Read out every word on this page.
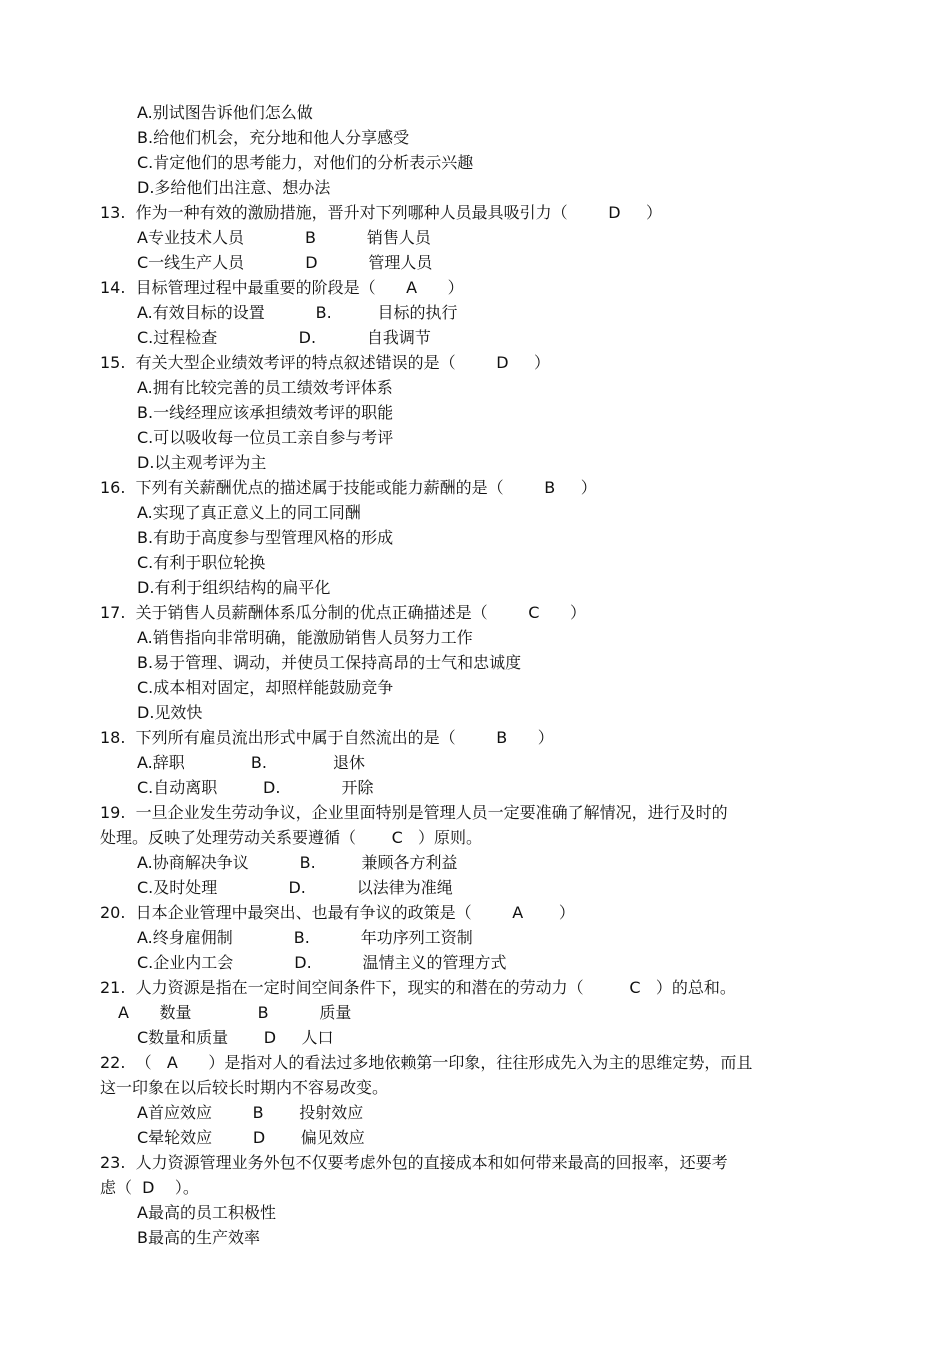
A.别试图告诉他们怎么做
B.给他们机会，充分地和他人分享感受
C.肯定他们的思考能力，对他们的分析表示兴趣
D.多给他们出注意、想办法
13.  作为一种有效的激励措施，晋升对下列哪种人员最具吸引力（        D     ）
A专业技术人员            B          销售人员
C一线生产人员            D          管理人员
14.  目标管理过程中最重要的阶段是（      A      ）
A.有效目标的设置          B.         目标的执行
C.过程检查                D.          自我调节
15.  有关大型企业绩效考评的特点叙述错误的是（        D     ）
A.拥有比较完善的员工绩效考评体系
B.一线经理应该承担绩效考评的职能
C.可以吸收每一位员工亲自参与考评
D.以主观考评为主
16.  下列有关薪酬优点的描述属于技能或能力薪酬的是（        B     ）
A.实现了真正意义上的同工同酬
B.有助于高度参与型管理风格的形成
C.有利于职位轮换
D.有利于组织结构的扁平化
17.  关于销售人员薪酬体系瓜分制的优点正确描述是（        C      ）
A.销售指向非常明确，能激励销售人员努力工作
B.易于管理、调动，并使员工保持高昂的士气和忠诚度
C.成本相对固定，却照样能鼓励竞争
D.见效快
18.  下列所有雇员流出形式中属于自然流出的是（        B      ）
A.辞职             B.             退休
C.自动离职         D.            开除
19.  一旦企业发生劳动争议，企业里面特别是管理人员一定要准确了解情况，进行及时的
处理。反映了处理劳动关系要遵循（       C   ）原则。
A.协商解决争议          B.         兼顾各方利益
C.及时处理              D.          以法律为准绳
20.  日本企业管理中最突出、也最有争议的政策是（        A       ）
A.终身雇佣制            B.          年功序列工资制
C.企业内工会            D.          温情主义的管理方式
21.  人力资源是指在一定时间空间条件下，现实的和潜在的劳动力（         C   ）的总和。
A      数量             B          质量
C数量和质量       D     人口
22.  （   A      ）是指对人的看法过多地依赖第一印象，往往形成先入为主的思维定势，而且
这一印象在以后较长时期内不容易改变。
A首应效应        B       投射效应
C晕轮效应        D       偏见效应
23.  人力资源管理业务外包不仅要考虑外包的直接成本和如何带来最高的回报率，还要考
虑（  D    ）。
A最高的员工积极性
B最高的生产效率
